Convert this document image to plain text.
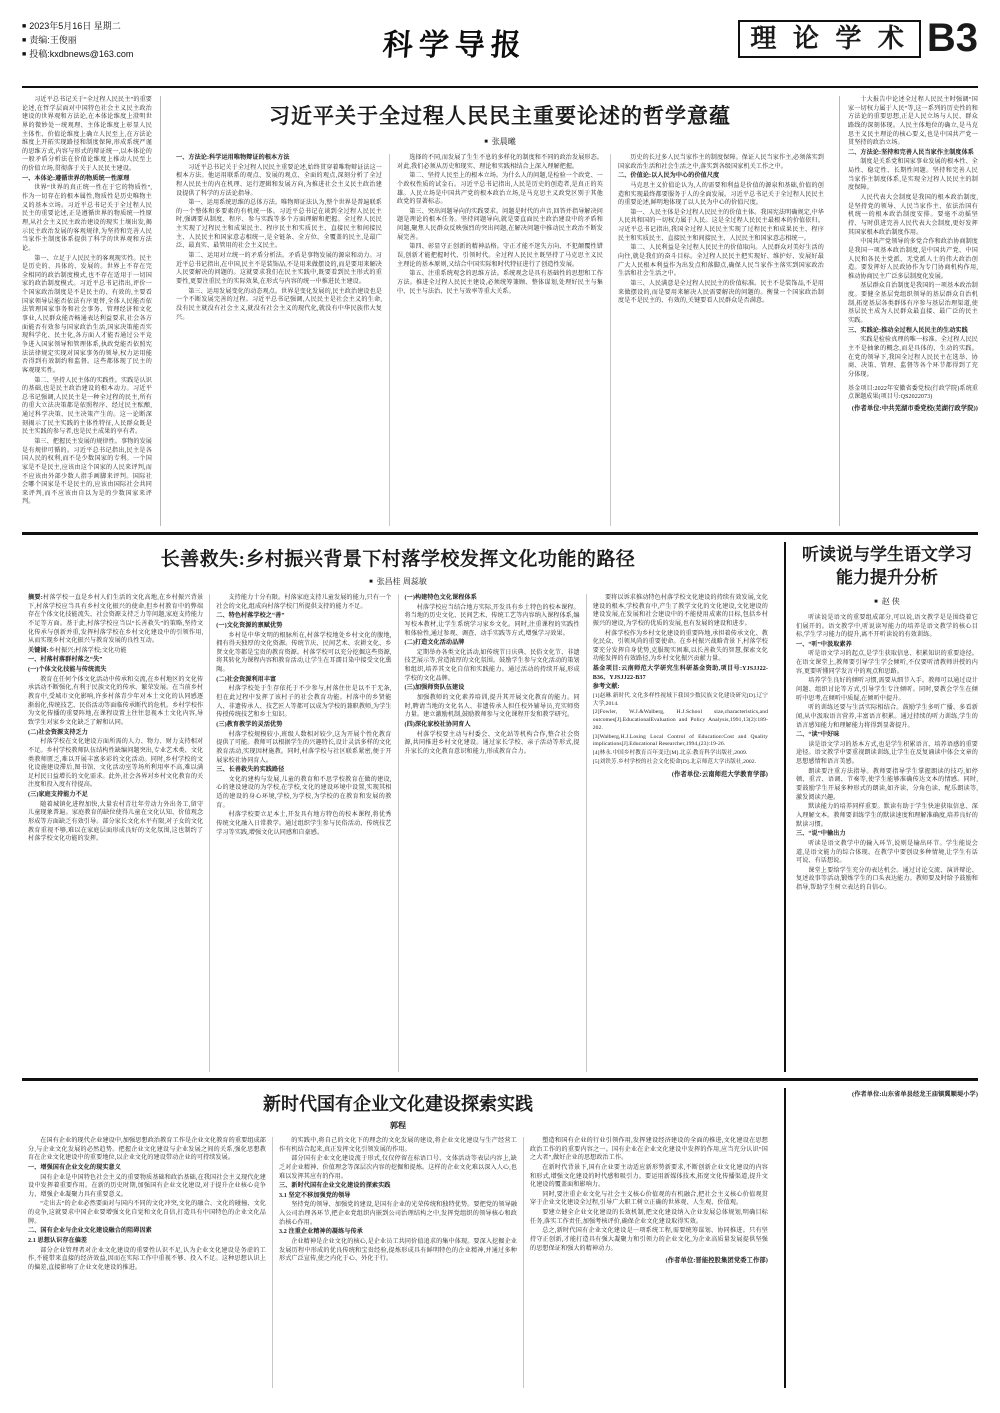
■ 2023年5月16日 星期二
■ 责编:王俊丽
■ 投稿:kxdbnews@163.com	科学导报	理 论 学 术 B3

习近平总书记关于“全过程人民民主”的重要论述,在哲学层面对中国特色社会主义民主政治建设的世界观和方法论,在本体论维度上澄明世界的微妙处一统观理、主体论维度上彰显人民主体性、价值论维度上确立人民至上,在方法论维度上开拓实现路径和制度保障,形成系统严谨的思维方式,内容与形式的辩证统一,以本体论的一般矛盾分析法在价值论维度上推动人民至上的价值立场,贯彻落于关于人民民主建设。

一、本体论:遵循世界的物质统一性原理

世界“世界的真正统一性在于它的物质性”,作为一切存在的根本属性,物质性是历史唯物主义的基本立场。习近平总书记关于全过程人民民主的重要论述,正是遵循世界的物质统一性原理,从社会主义民主政治建设的现实土壤出发,揭示民主政治发展的客观规律,为坚持和完善人民当家作主制度体系提供了科学的世界观和方法论。

第一、立足于人民民主的客观现实性。民主是历史的、具体的、发展的。世界上不存在完全相同的政治制度模式,也不存在适用于一切国家的政治制度模式。习近平总书记指出,评价一个国家政治制度是不是民主的、有效的,主要看国家领导层能否依法有序更替,全体人民能否依法管理国家事务和社会事务、管理经济和文化事业,人民群众能否畅通表达利益要求,社会各方面能否有效参与国家政治生活,国家决策能否实现科学化、民主化,各方面人才能否通过公平竞争进入国家领导和管理体系,执政党能否依照宪法法律规定实现对国家事务的领导,权力运用能否得到有效制约和监督。这些都体现了民主的客观现实性。

第二、坚持人民主体的实践性。实践是认识的基础,也是民主政治建设的根本动力。习近平总书记强调,人民民主是一种全过程的民主,所有的重大立法决策都是依照程序、经过民主酝酿,通过科学决策、民主决策产生的。这一论断深刻揭示了民主实践的主体性特征,人民群众既是民主实践的参与者,也是民主成果的享有者。

第三、把握民主发展的规律性。事物的发展是有规律可循的。习近平总书记指出,民主是各国人民的权利,而不是少数国家的专利。一个国家是不是民主,应该由这个国家的人民来评判,而不应该由外部少数人指手画脚来评判。国际社会哪个国家是不是民主的,应该由国际社会共同来评判,而不应该由自以为是的少数国家来评判。

习近平关于全过程人民民主重要论述的哲学意蕴
■ 张晨曦

一、方法论:科学运用唯物辩证的根本方法

习近平总书记关于全过程人民民主重要论述,始终贯穿着唯物辩证法这一根本方法。他运用联系的观点、发展的观点、全面的观点,深刻分析了全过程人民民主的内在机理、运行逻辑和发展方向,为推进社会主义民主政治建设提供了科学的方法论指导。

第一、运用系统思维的总体方法。唯物辩证法认为,整个世界是普遍联系的一个整体和多要素的有机统一体。习近平总书记在谈到全过程人民民主时,强调要从制度、程序、参与实践等多个方面理解和把握。全过程人民民主实现了过程民主和成果民主、程序民主和实质民主、直接民主和间接民主、人民民主和国家意志相统一,是全链条、全方位、全覆盖的民主,是最广泛、最真实、最管用的社会主义民主。

第二、运用对立统一的矛盾分析法。矛盾是事物发展的源泉和动力。习近平总书记指出,在中国,民主不是装饰品,不是用来做摆设的,而是要用来解决人民要解决的问题的。这就要求我们在民主实践中,既要看到民主形式的重要性,更要注重民主的实际效果,在形式与内容的统一中推进民主建设。

第三、运用发展变化的动态观点。世界是变化发展的,民主政治建设也是一个不断发展完善的过程。习近平总书记强调,人民民主是社会主义的生命,没有民主就没有社会主义,就没有社会主义的现代化,就没有中华民族伟大复兴。

选择的不同,而发展了生生不息的多样化的制度和不同的政治发展形态。对此,我们必须从历史和现实、理论和实践相结合上深入理解把握。

第二、坚持人民至上的根本立场。为什么人的问题,是检验一个政党、一个政权性质的试金石。习近平总书记指出,人民是历史的创造者,是真正的英雄。人民立场是中国共产党的根本政治立场,是马克思主义政党区别于其他政党的显著标志。

第三、突出问题导向的实践要求。问题是时代的声音,回答并指导解决问题是理论的根本任务。坚持问题导向,就是要直面民主政治建设中的矛盾和问题,聚焦人民群众反映强烈的突出问题,在解决问题中推动民主政治不断发展完善。

第四、彰显守正创新的精神品格。守正才能不迷失方向、不犯颠覆性错误,创新才能把握时代、引领时代。全过程人民民主既坚持了马克思主义民主理论的基本原则,又结合中国实际和时代特征进行了创造性发展。

第五、注重系统观念的思维方法。系统观念是具有基础性的思想和工作方法。推进全过程人民民主建设,必须统筹兼顾、整体谋划,处理好民主与集中、民主与法治、民主与效率等重大关系。

历史的长过多人民当家作主的制度保障。保证人民当家作主,必须落实到国家政治生活和社会生活之中,落实到各级国家机关工作之中。

二、价值论:以人民为中心的价值尺度

马克思主义价值论认为,人的需要和利益是价值的源泉和基础,价值的创造和实现最终都要服务于人的全面发展。习近平总书记关于全过程人民民主的重要论述,鲜明地体现了以人民为中心的价值尺度。

第一、人民主体是全过程人民民主的价值主体。我国宪法明确规定,中华人民共和国的一切权力属于人民。这是全过程人民民主最根本的价值依归。习近平总书记指出,我国全过程人民民主实现了过程民主和成果民主、程序民主和实质民主、直接民主和间接民主、人民民主和国家意志相统一。

第二、人民利益是全过程人民民主的价值取向。人民群众对美好生活的向往,就是我们的奋斗目标。全过程人民民主把实现好、维护好、发展好最广大人民根本利益作为出发点和落脚点,确保人民当家作主落实到国家政治生活和社会生活之中。

第三、人民满意是全过程人民民主的价值标准。民主不是装饰品,不是用来做摆设的,而是要用来解决人民需要解决的问题的。衡量一个国家政治制度是不是民主的、有效的,关键要看人民群众是否满意。

十大报告中论述全过程人民民主时强调“国家一切权力属于人民”等,这一系列的历史性的和方法论的重要思想,正是人民立场与人民、群众路线的深刻体现。人民主体地位的确立,是马克思主义民主理论的核心要义,也是中国共产党一贯坚持的政治立场。

二、方法论:坚持和完善人民当家作主制度体系

制度是关系党和国家事业发展的根本性、全局性、稳定性、长期性问题。坚持和完善人民当家作主制度体系,是实现全过程人民民主的制度保障。

人民代表大会制度是我国的根本政治制度,是坚持党的领导、人民当家作主、依法治国有机统一的根本政治制度安排。要毫不动摇坚持、与时俱进完善人民代表大会制度,更好发挥其国家根本政治制度作用。

中国共产党领导的多党合作和政治协商制度是我国一项基本政治制度,是中国共产党、中国人民和各民主党派、无党派人士的伟大政治创造。要发挥好人民政协作为专门协商机构作用,推动协商民主广泛多层制度化发展。

基层群众自治制度是我国的一项基本政治制度。要健全基层党组织领导的基层群众自治机制,拓宽基层各类群体有序参与基层治理渠道,使基层民主成为人民群众最直接、最广泛的民主实践。

三、实践论:推动全过程人民民主的生动实践

实践是检验真理的唯一标准。全过程人民民主不是抽象的概念,而是具体的、生动的实践。在党的领导下,我国全过程人民民主在选举、协商、决策、管理、监督等各个环节都得到了充分体现。

基金项目:2022年安徽省委党校(行政学院)系统重点课题成果(项目号:QS2022073)
(作者单位:中共芜湖市委党校(芜湖行政学院))
长善救失:乡村振兴背景下村落学校发挥文化功能的路径
■ 张昌桂 周蕊敏

摘要:村落学校一直是乡村人们生活的文化高地,在乡村振兴背景下,村落学校应当具有乡村文化振兴的使命,但乡村教育中的弊端存在个体文化技能流失、社会资源支持乏力等问题,家庭支持能力不足等方面。基于此,村落学校应当以“长善救失”的策略,坚持文化传承与创新并重,发挥村落学校在乡村文化建设中的引领作用,从而实现乡村文化振兴与教育发展的良性互动。

关键词:乡村振兴;村落学校;文化功能

一、村落村落群村落之“失”

(一)个体文化技能与传统流失

教育在任何个体文化活动中传承和交流,在乡村地区的文化传承活动不断强化,有利于民族文化的传承、繁荣发展。在当前乡村教育中,受城市文化影响,许多村落青少年对本土文化的认同感逐渐弱化,传统技艺、民俗活动等面临传承断代的危机。乡村学校作为文化传播的重要阵地,在课程设置上往往忽视本土文化内容,导致学生对家乡文化缺乏了解和认同。

(二)社会资源支持乏力

村落学校在文化建设方面所需的人力、物力、财力支持相对不足。乡村学校教师队伍结构性缺编问题突出,专业艺术类、文化类教师匮乏,难以开展丰富多彩的文化活动。同时,乡村学校的文化设施建设滞后,图书馆、文化活动室等场所利用率不高,难以满足村民日益增长的文化需求。此外,社会各界对乡村文化教育的关注度和投入度有待提高。

(三)家庭支持能力不足

随着城镇化进程加快,大量农村青壮年劳动力外出务工,留守儿童现象普遍。家庭教育的缺位使得儿童在文化认知、价值观念形成等方面缺乏有效引导。部分家长文化水平有限,对子女的文化教育重视不够,难以在家庭层面形成良好的文化氛围,这也制约了村落学校文化功能的发挥。

支持能力十分有限。村落家庭支持儿童发展的能力,只有一个社会的文化,组成向村落学校门所提供支持的能力不足。

二、特色村落学校之“善”

(一)文化资源的禀赋优势

乡村是中华文明的根脉所在,村落学校地处乡村文化的腹地,拥有得天独厚的文化资源。传统节庆、民间艺术、农耕文化、乡贤文化等都是宝贵的教育资源。村落学校可以充分挖掘这些资源,将其转化为课程内容和教育活动,让学生在耳濡目染中接受文化熏陶。

(二)社会资源利用丰富

村落学校处于生存依托于不少参与,村落住住是以不干无条,但在此过程中发挥了该村子的社会教育功能。村落中的乡贤能人、非遗传承人、技艺匠人等都可以成为学校的兼职教师,为学生传授传统技艺和乡土知识。

(三)教育教学的灵活优势

村落学校规模较小,班级人数相对较少,这为开展个性化教育提供了可能。教师可以根据学生的兴趣特长,设计灵活多样的文化教育活动,实现因材施教。同时,村落学校与社区联系紧密,便于开展家校社协同育人。

三、长善救失的实践路径

文化的建构与发展,儿童的教育和不思学校教育在做的建设,心的建设建设的为学校,在学校,文化的建设环境中设置,实现其相适的建设的身心环境,学校,为学校,为学校的在教育和发展的教育。

村落学校要立足本土,开发具有地方特色的校本课程,将优秀传统文化融入日常教学。通过组织学生参与民俗活动、传统技艺学习等实践,增强文化认同感和自豪感。

(一)构建特色文化课程体系

村落学校应当结合地方实际,开发具有乡土特色的校本课程。将当地的历史文化、民间艺术、传统工艺等内容纳入课程体系,编写校本教材,让学生系统学习家乡文化。同时,注重课程的实践性和体验性,通过参观、调查、动手实践等方式,增强学习效果。

(二)打造文化活动品牌

定期举办各类文化活动,如传统节日庆典、民俗文化节、非遗技艺展示等,营造浓厚的文化氛围。鼓励学生参与文化活动的策划和组织,培养其文化自信和实践能力。通过活动的持续开展,形成学校的文化品牌。

(三)加强师资队伍建设

加强教师的文化素养培训,提升其开展文化教育的能力。同时,聘请当地的文化名人、非遗传承人担任校外辅导员,充实师资力量。建立激励机制,鼓励教师参与文化课程开发和教学研究。

(四)深化家校社协同育人

村落学校要主动与村委会、文化站等机构合作,整合社会资源,共同推进乡村文化建设。通过家长学校、亲子活动等形式,提升家长的文化教育意识和能力,形成教育合力。

要将以诉求推动特色村落学校文化建设的持续有效发展,文化建设的根本,学校教育中,产生了教学文化的文化建设,文化建设的建设发展,在发展和社会建设中的不能使用成素的目标,包括乡村振兴的建设,为学校的优质的发展,也有发展的建设和进步。

村落学校作为乡村文化建设的重要阵地,承担着传承文化、教化民众、引领风尚的重要使命。在乡村振兴战略背景下,村落学校要充分发挥自身优势,克服现实困难,以长善救失的智慧,探索文化功能发挥的有效路径,为乡村文化振兴贡献力量。

基金项目:云南师范大学研究生科研基金资助,项目号:YJSJJ22-B36、YJSJJ22-B37

参考文献:

[1]赵琳.新时代.文化多样性视域下我国少数民族文化建设研究[D].辽宁大学,2014.

[2]Fowler, W.J.&Walberg, H.J.School size,characteristics,and outcomes[J].EducationalEvaluation and Policy Analysis,1991,13(2):189-202.

[3]Walberg,H.J.Losing Local Control of Education:Cost and Quality implications[J].Educational Researcher,1994,(23):19-26.

[4]林永.中国乡村教育百年变迁[M].北京:教育科学出版社,2009.

[5]刘铁芳.乡村学校的社会文化使命[D].北京师范大学出版社,2002.

(作者单位:云南师范大学教育学部)
听读说与学生语文学习能力提升分析
■ 赵 侠

听读说是语文的重要组成部分,可以说,语文教学是是围绕着它们展开的。语文教学中,听说读写能力的培养是语文教学的核心目标,学生学习能力的提升,离不开听读说的有效训练。

一、“听”中汲取素养

听是语文学习的起点,是学生获取信息、积累知识的重要途径。在语文课堂上,教师要引导学生学会倾听,不仅要听清教师讲授的内容,更要听懂同学发言中的观点和思路。

培养学生良好的倾听习惯,需要从细节入手。教师可以通过设计问题、组织讨论等方式,引导学生专注倾听。同时,要教会学生在倾听中思考,在倾听中质疑,在倾听中提升。

听的训练还要与生活实际相结合。鼓励学生多听广播、多看新闻,从中汲取语言营养,丰富语言积累。通过持续的听力训练,学生的语言感知能力和理解能力将得到显著提升。

二、“读”中好味

读是语文学习的基本方式,也是学生积累语言、培养语感的重要途径。语文教学中要重视朗读训练,让学生在反复诵读中体会文章的思想感情和语言美感。

朗读要注重方法指导。教师要指导学生掌握朗读的技巧,如停顿、重音、语调、节奏等,使学生能够准确传达文本的情感。同时,要鼓励学生开展多种形式的朗读,如齐读、分角色读、配乐朗读等,激发阅读兴趣。

默读能力的培养同样重要。默读有助于学生快速获取信息、深入理解文本。教师要训练学生的默读速度和理解准确度,培养良好的默读习惯。

三、“说”中输出力

听读是语文教学中的输入环节,说则是输出环节。学生能说会道,是语文能力的综合体现。在教学中要创设多种情境,让学生有话可说、有话想说。

课堂上要给学生充分的表达机会。通过讨论交流、演讲辩论、复述故事等活动,锻炼学生的口头表达能力。教师要及时给予鼓励和指导,帮助学生树立表达的自信心。

新时代国有企业文化建设探索实践
郭程

在国有企业的现代企业建设中,加强思想政治教育工作是企业文化教育的重要组成部分,与企业文化发展的必然趋势。把握企业文化建设与企业发展之间的关系,强化思想教育在企业文化建设中的重要地位,以企业文化的建设带动企业的可持续发展。

一、增强国有企业文化的现实意义

国有企业是中国特色社会主义的重要物质基础和政治基础,在我国社会主义现代化建设中发挥着重要作用。在新的历史时期,加强国有企业文化建设,对于提升企业核心竞争力、增强企业凝聚力具有重要意义。

“走出去”的企业必然要面对与国内不同的文化冲突,文化的融合、文化的碰撞、文化的竞争,这就要求中国企业要增强文化自觉和文化自信,打造具有中国特色的企业文化品牌。

二、国有企业与企业文化建设融合的阻碍因素

2.1 思想认识存在偏差

部分企业管理者对企业文化建设的重要性认识不足,认为企业文化建设是务虚的工作,不能带来直接的经济效益,因而在实际工作中重视不够、投入不足。这种思想认识上的偏差,直接影响了企业文化建设的推进。

的实践中,将自己的文化下的理念的文化发展的建设,将企业文化建设与生产经营工作有机结合起来,真正发挥文化引领发展的作用。

部分国有企业文化建设流于形式,仅仅停留在标语口号、文体活动等表层内容上,缺乏对企业精神、价值理念等深层次内容的挖掘和提炼。这样的企业文化难以深入人心,也难以发挥其应有的作用。

三、新时代国有企业文化建设的探索实践

3.1 坚定不移加强党的领导

坚持党的领导、加强党的建设,是国有企业的光荣传统和独特优势。要把党的领导融入公司治理各环节,把企业党组织内嵌到公司治理结构之中,发挥党组织的领导核心和政治核心作用。

3.2 注重企业精神的凝练与传承

企业精神是企业文化的核心,是企业员工共同价值追求的集中体现。要深入挖掘企业发展历程中形成的优良传统和宝贵经验,提炼形成具有鲜明特色的企业精神,并通过多种形式广泛宣传,使之内化于心、外化于行。

塑造和国有企业的行业引领作用,发挥建设经济建设的全面的推进,文化建设在思想政治工作的的重要内容之一。国有企业在企业文化建设中发挥的作用,应当充分认识“国之大者”,做好企业的思想政治工作。

在新时代背景下,国有企业要主动适应新形势新要求,不断创新企业文化建设的内容和形式,增强文化建设的时代感和吸引力。要运用新媒体技术,拓宽文化传播渠道,提升文化建设的覆盖面和影响力。

同时,要注重企业文化与社会主义核心价值观的有机融合,把社会主义核心价值观贯穿于企业文化建设全过程,引导广大职工树立正确的世界观、人生观、价值观。

要建立健全企业文化建设的长效机制,把文化建设纳入企业发展总体规划,明确目标任务,落实工作责任,加强考核评价,确保企业文化建设取得实效。

总之,新时代国有企业文化建设是一项系统工程,需要统筹谋划、协同推进。只有坚持守正创新,才能打造具有强大凝聚力和引领力的企业文化,为企业高质量发展提供坚强的思想保证和强大的精神动力。

(作者单位:晋能控股集团党委工作部)
(作者单位:山东省单县经龙王庙镇冀顺堤小学)
